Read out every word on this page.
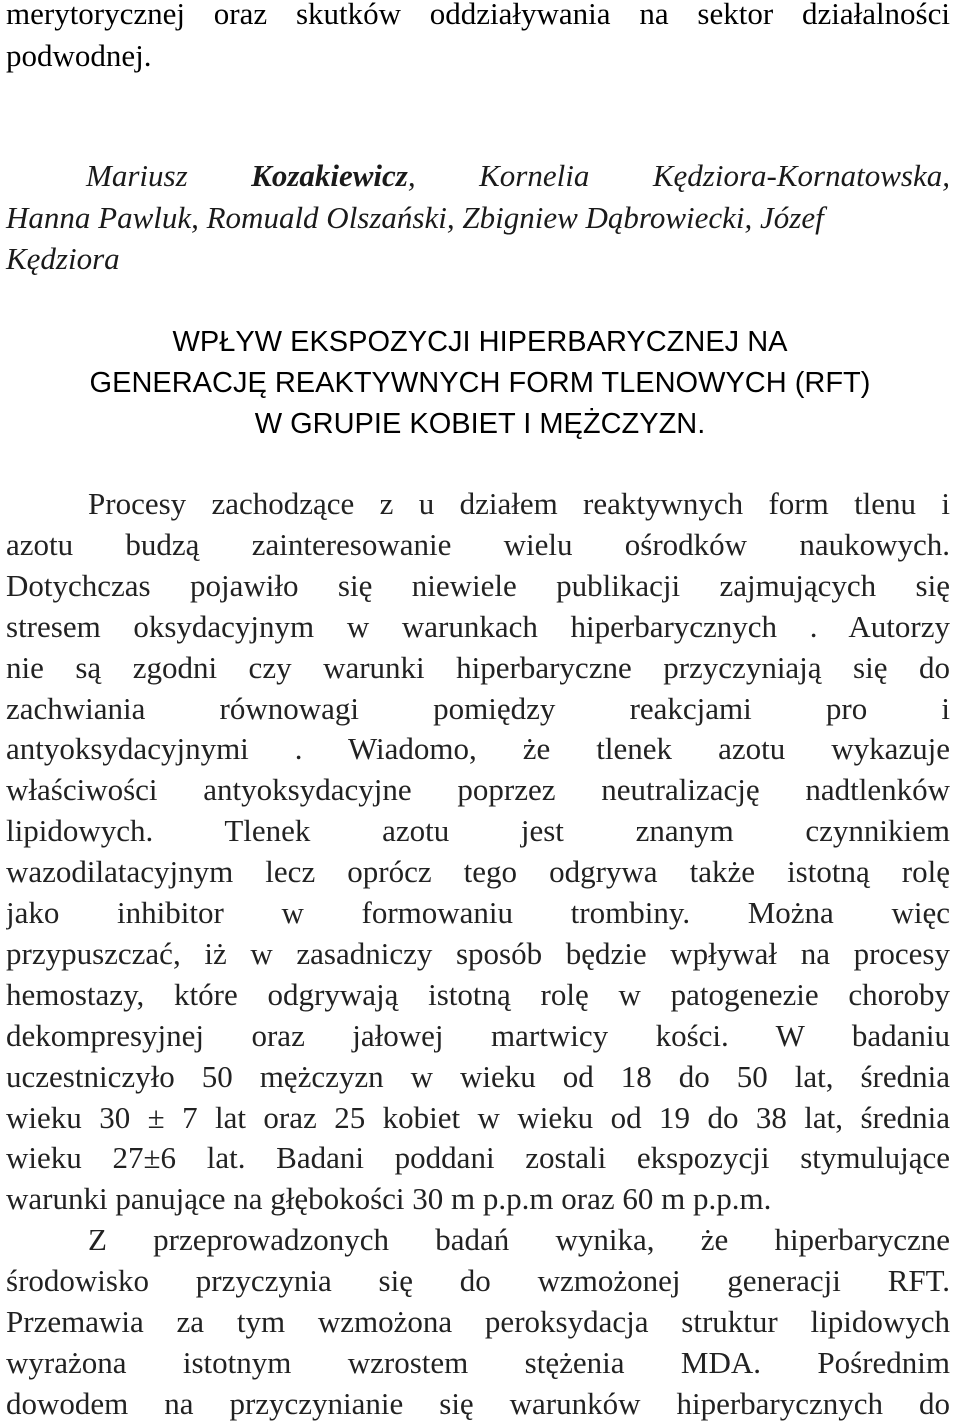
merytorycznej oraz skutków oddziaływania na sektor działalności
podwodnej.
Mariusz Kozakiewicz, Kornelia Kędziora-Kornatowska,
Hanna Pawluk, Romuald Olszański, Zbigniew Dąbrowiecki, Józef
Kędziora
WPŁYW EKSPOZYCJI HIPERBARYCZNEJ NA
GENERACJĘ REAKTYWNYCH FORM TLENOWYCH (RFT)
W GRUPIE KOBIET I MĘŻCZYZN.
Procesy zachodzące z u działem reaktywnych form tlenu i
azotu budzą zainteresowanie wielu ośrodków naukowych.
Dotychczas pojawiło się niewiele publikacji zajmujących się
stresem oksydacyjnym w warunkach hiperbarycznych . Autorzy
nie są zgodni czy warunki hiperbaryczne przyczyniają się do
zachwiania równowagi pomiędzy reakcjami pro i
antyoksydacyjnymi . Wiadomo, że tlenek azotu wykazuje
właściwości antyoksydacyjne poprzez neutralizację nadtlenków
lipidowych. Tlenek azotu jest znanym czynnikiem
wazodilatacyjnym lecz oprócz tego odgrywa także istotną rolę
jako inhibitor w formowaniu trombiny. Można więc
przypuszczać, iż w zasadniczy sposób będzie wpływał na procesy
hemostazy, które odgrywają istotną rolę w patogenezie choroby
dekompresyjnej oraz jałowej martwicy kości. W badaniu
uczestniczyło 50 mężczyzn w wieku od 18 do 50 lat, średnia
wieku 30 ± 7 lat oraz 25 kobiet w wieku od 19 do 38 lat, średnia
wieku 27±6 lat. Badani poddani zostali ekspozycji stymulujące
warunki panujące na głębokości 30 m p.p.m oraz 60 m p.p.m.
Z przeprowadzonych badań wynika, że hiperbaryczne
środowisko przyczynia się do wzmożonej generacji RFT.
Przemawia za tym wzmożona peroksydacja struktur lipidowych
wyrażona istotnym wzrostem stężenia MDA. Pośrednim
dowodem na przyczynianie się warunków hiperbarycznych do
